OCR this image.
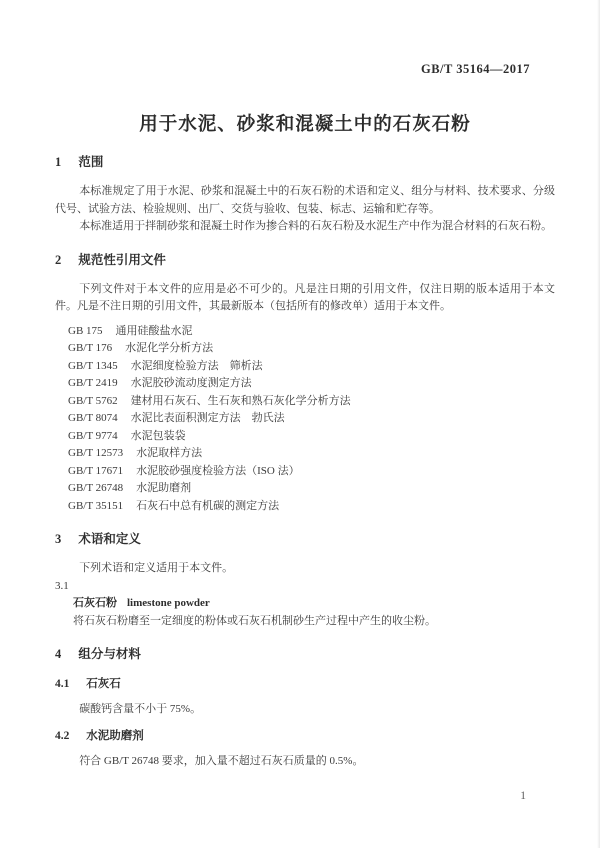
GB/T 35164—2017
用于水泥、砂浆和混凝土中的石灰石粉
1 范围

本标准规定了用于水泥、砂浆和混凝土中的石灰石粉的术语和定义、组分与材料、技术要求、分级代号、试验方法、检验规则、出厂、交货与验收、包装、标志、运输和贮存等。

本标准适用于拌制砂浆和混凝土时作为掺合料的石灰石粉及水泥生产中作为混合材料的石灰石粉。

2 规范性引用文件

下列文件对于本文件的应用是必不可少的。凡是注日期的引用文件，仅注日期的版本适用于本文件。凡是不注日期的引用文件，其最新版本（包括所有的修改单）适用于本文件。

GB 175 通用硅酸盐水泥
GB/T 176 水泥化学分析方法
GB/T 1345 水泥细度检验方法　筛析法
GB/T 2419 水泥胶砂流动度测定方法
GB/T 5762 建材用石灰石、生石灰和熟石灰化学分析方法
GB/T 8074 水泥比表面积测定方法　勃氏法
GB/T 9774 水泥包装袋
GB/T 12573 水泥取样方法
GB/T 17671 水泥胶砂强度检验方法（ISO 法）
GB/T 26748 水泥助磨剂
GB/T 35151 石灰石中总有机碳的测定方法
3 术语和定义

下列术语和定义适用于本文件。

3.1
石灰石粉 limestone powder

将石灰石粉磨至一定细度的粉体或石灰石机制砂生产过程中产生的收尘粉。

4 组分与材料
4.1 石灰石

碳酸钙含量不小于 75%。

4.2 水泥助磨剂

符合 GB/T 26748 要求，加入量不超过石灰石质量的 0.5%。

1
